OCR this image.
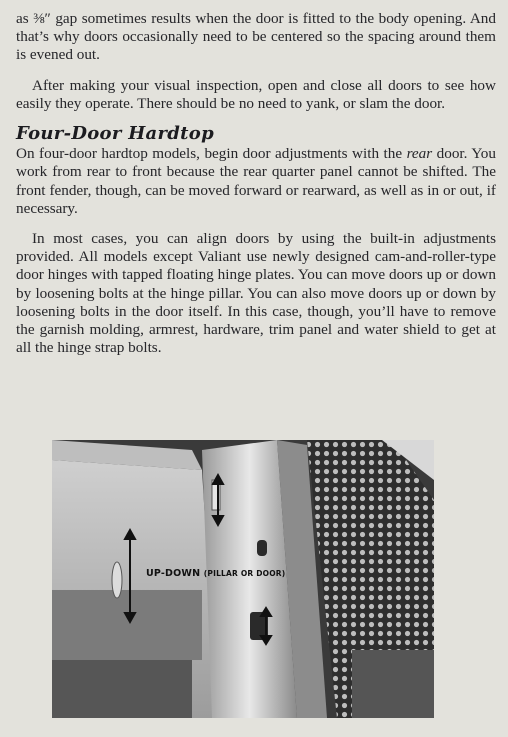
as ⅜″ gap sometimes results when the door is fitted to the body opening. And that’s why doors occasionally need to be centered so the spacing around them is evened out.

After making your visual inspection, open and close all doors to see how easily they operate. There should be no need to yank, or slam the door.

Four-Door Hardtop

On four-door hardtop models, begin door adjustments with the rear door. You work from rear to front because the rear quarter panel cannot be shifted. The front fender, though, can be moved forward or rearward, as well as in or out, if necessary.

In most cases, you can align doors by using the built-in adjustments provided. All models except Valiant use newly designed cam-and-roller-type door hinges with tapped floating hinge plates. You can move doors up or down by loosening bolts at the hinge pillar. You can also move doors up or down by loosening bolts in the door itself. In this case, though, you’ll have to remove the garnish molding, armrest, hardware, trim panel and water shield to get at all the hinge strap bolts.

UP-DOWN (PILLAR OR DOOR)
